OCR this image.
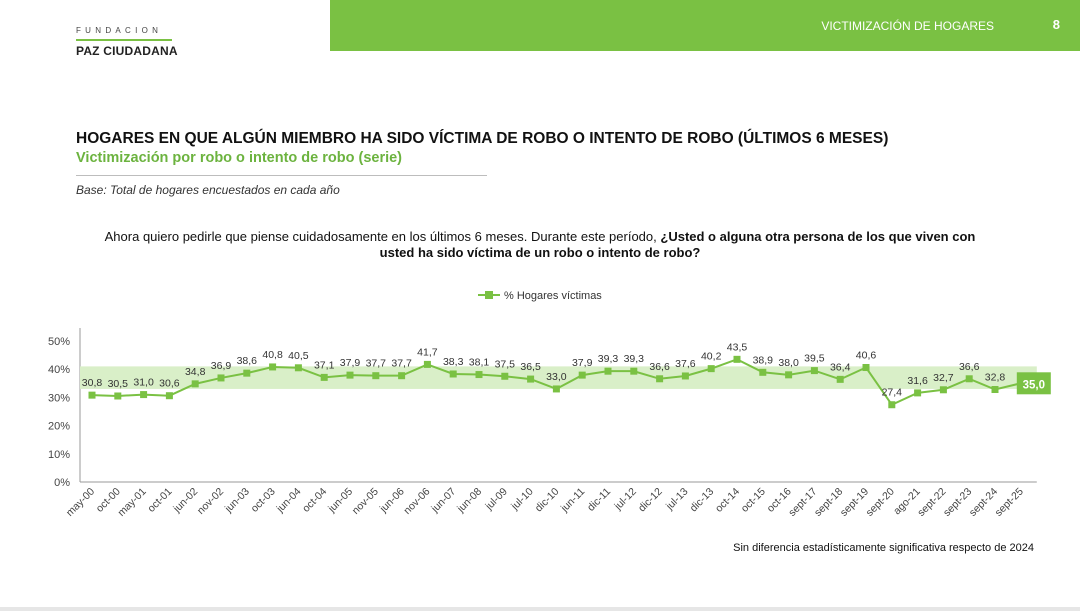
FUNDACION
PAZ CIUDADANA
VICTIMIZACIÓN DE HOGARES	8
HOGARES EN QUE ALGÚN MIEMBRO HA SIDO VÍCTIMA DE ROBO O INTENTO DE ROBO (ÚLTIMOS 6 MESES)
Victimización por robo o intento de robo (serie)
Base: Total de hogares encuestados en cada año
Ahora quiero pedirle que piense cuidadosamente en los últimos 6 meses. Durante este período, ¿Usted o alguna otra persona de los que viven con usted ha sido víctima de un robo o intento de robo?
0%
10%
20%
30%
40%
50%
% Hogares víctimas
30,8 30,5 31,0 30,6
34,8 36,9 38,6
40,8 40,5
37,1 37,9 37,7 37,7
41,7
38,3 38,1 37,5 36,5
33,0
37,9 39,3 39,3
36,6 37,6
40,2
43,5
38,9 38,0 39,5
36,4
40,6
27,4
31,6 32,7
36,6
32,8
35,0
may-00
oct-00
may-01
oct-01
jun-02
nov-02
jun-03
oct-03
jun-04
oct-04
jun-05
nov-05
jun-06
nov-06
jun-07
jun-08 jul-09 jul-10
dic-10
jun-11
dic-11 jul-12
dic-12 jul-13
dic-13
oct-14
oct-15
oct-16
sept-17
sept-18
sept-19
sept-20
ago-21
sept-22
sept-23
sept-24
sept-25
Sin diferencia estadísticamente significativa respecto de 2024
